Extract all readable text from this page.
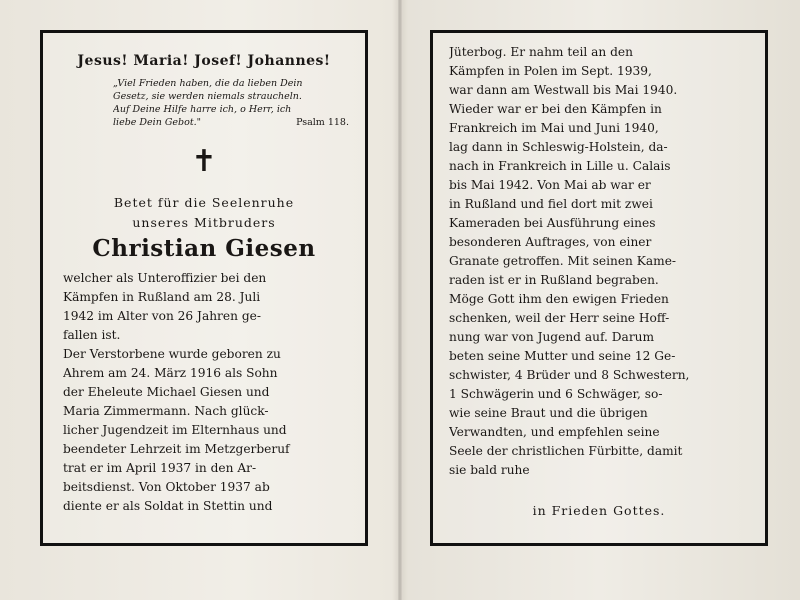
Jesus! Maria! Josef! Johannes!
„Viel Frieden haben, die da lieben Dein
Gesetz, sie werden niemals straucheln.
Auf Deine Hilfe harre ich, o Herr, ich
liebe Dein Gebot."	Psalm 118.
✝
Betet für die Seelenruhe
unseres Mitbruders
Christian Giesen
welcher als Unteroffizier bei den
Kämpfen in Rußland am 28. Juli
1942 im Alter von 26 Jahren ge-
fallen ist.
Der Verstorbene wurde geboren zu
Ahrem am 24. März 1916 als Sohn
der Eheleute Michael Giesen und
Maria Zimmermann. Nach glück-
licher Jugendzeit im Elternhaus und
beendeter Lehrzeit im Metzgerberuf
trat er im April 1937 in den Ar-
beitsdienst. Von Oktober 1937 ab
diente er als Soldat in Stettin und
Jüterbog. Er nahm teil an den
Kämpfen in Polen im Sept. 1939,
war dann am Westwall bis Mai 1940.
Wieder war er bei den Kämpfen in
Frankreich im Mai und Juni 1940,
lag dann in Schleswig-Holstein, da-
nach in Frankreich in Lille u. Calais
bis Mai 1942. Von Mai ab war er
in Rußland und fiel dort mit zwei
Kameraden bei Ausführung eines
besonderen Auftrages, von einer
Granate getroffen. Mit seinen Kame-
raden ist er in Rußland begraben.
Möge Gott ihm den ewigen Frieden
schenken, weil der Herr seine Hoff-
nung war von Jugend auf. Darum
beten seine Mutter und seine 12 Ge-
schwister, 4 Brüder und 8 Schwestern,
1 Schwägerin und 6 Schwäger, so-
wie seine Braut und die übrigen
Verwandten, und empfehlen seine
Seele der christlichen Fürbitte, damit
sie bald ruhe
in Frieden Gottes.
